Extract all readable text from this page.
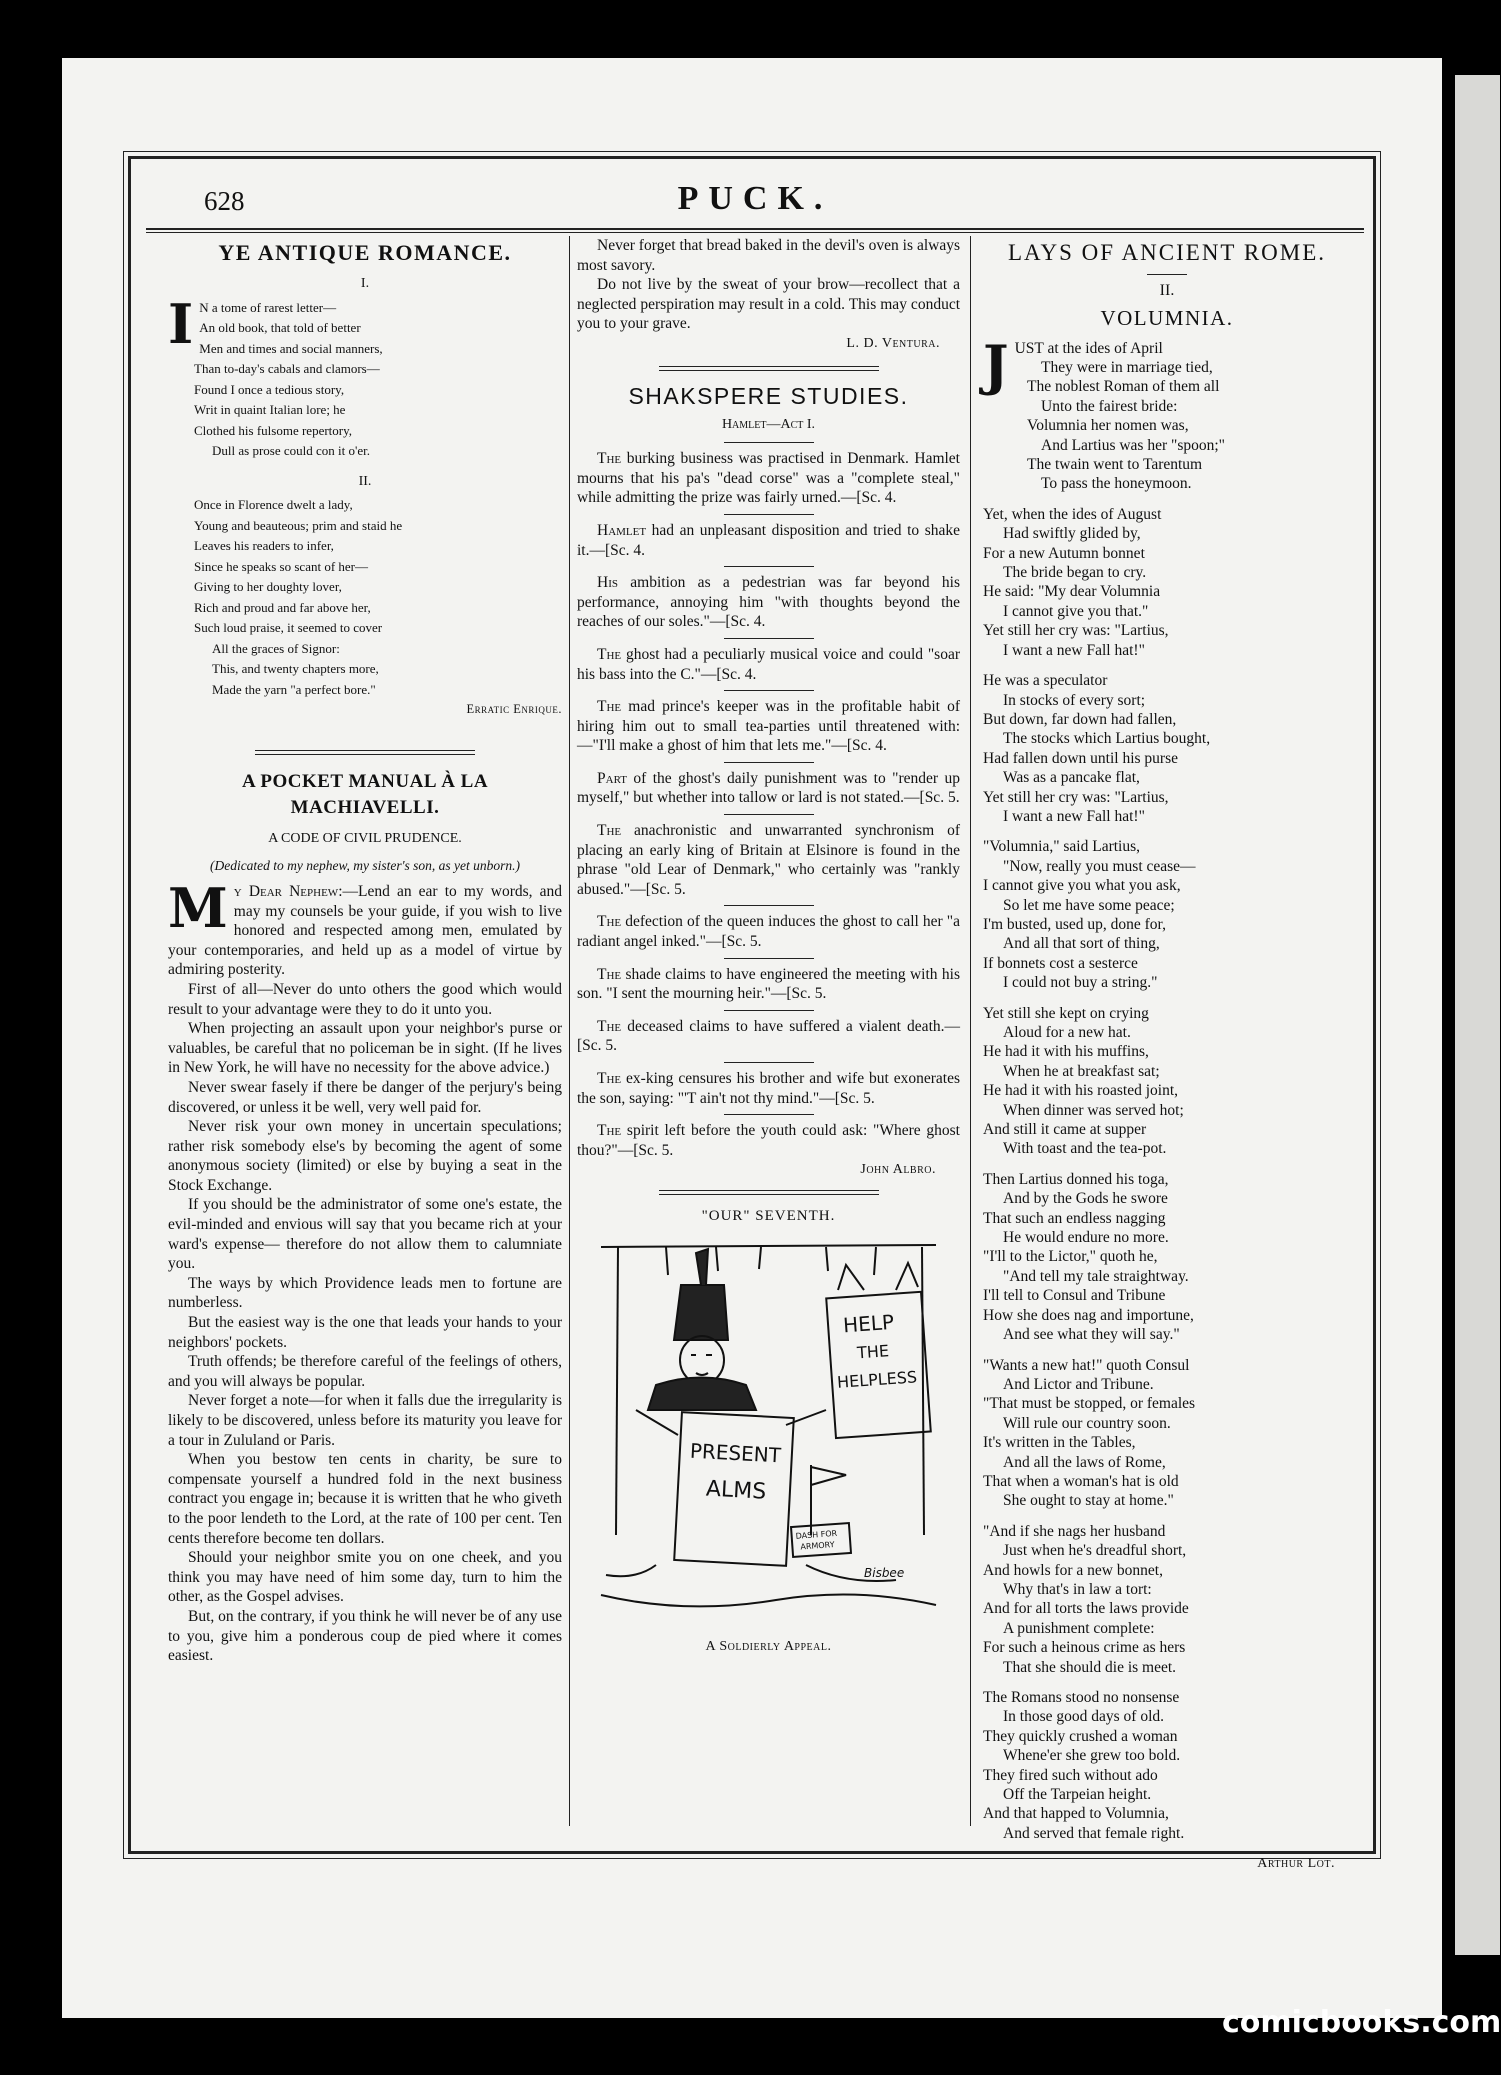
628	PUCK.
YE ANTIQUE ROMANCE.
I.
I N a tome of rarest letter—
An old book, that told of better
Men and times and social manners,
Than to-day's cabals and clamors—
Found I once a tedious story,
Writ in quaint Italian lore; he
Clothed his fulsome repertory,
Dull as prose could con it o'er.
II.
Once in Florence dwelt a lady,
Young and beauteous; prim and staid he
Leaves his readers to infer,
Since he speaks so scant of her—
Giving to her doughty lover,
Rich and proud and far above her,
Such loud praise, it seemed to cover
All the graces of Signor:
This, and twenty chapters more,
Made the yarn "a perfect bore."
Erratic Enrique.
A POCKET MANUAL À LA MACHIAVELLI.
A CODE OF CIVIL PRUDENCE.
(Dedicated to my nephew, my sister's son, as yet unborn.)

My Dear Nephew:—Lend an ear to my words, and may my counsels be your guide, if you wish to live honored and respected among men, emulated by your contemporaries, and held up as a model of virtue by admiring posterity.

First of all—Never do unto others the good which would result to your advantage were they to do it unto you.

When projecting an assault upon your neighbor's purse or valuables, be careful that no policeman be in sight. (If he lives in New York, he will have no necessity for the above advice.)

Never swear fasely if there be danger of the perjury's being discovered, or unless it be well, very well paid for.

Never risk your own money in uncertain speculations; rather risk somebody else's by becoming the agent of some anonymous society (limited) or else by buying a seat in the Stock Exchange.

If you should be the administrator of some one's estate, the evil-minded and envious will say that you became rich at your ward's expense— therefore do not allow them to calumniate you.

The ways by which Providence leads men to fortune are numberless.

But the easiest way is the one that leads your hands to your neighbors' pockets.

Truth offends; be therefore careful of the feelings of others, and you will always be popular.

Never forget a note—for when it falls due the irregularity is likely to be discovered, unless before its maturity you leave for a tour in Zululand or Paris.

When you bestow ten cents in charity, be sure to compensate yourself a hundred fold in the next business contract you engage in; because it is written that he who giveth to the poor lendeth to the Lord, at the rate of 100 per cent. Ten cents therefore become ten dollars.

Should your neighbor smite you on one cheek, and you think you may have need of him some day, turn to him the other, as the Gospel advises.

But, on the contrary, if you think he will never be of any use to you, give him a ponderous coup de pied where it comes easiest.

Never forget that bread baked in the devil's oven is always most savory.

Do not live by the sweat of your brow—recollect that a neglected perspiration may result in a cold. This may conduct you to your grave.

L. D. Ventura.
SHAKSPERE STUDIES.
Hamlet—Act I.

The burking business was practised in Denmark. Hamlet mourns that his pa's "dead corse" was a "complete steal," while admitting the prize was fairly urned.—[Sc. 4.

Hamlet had an unpleasant disposition and tried to shake it.—[Sc. 4.

His ambition as a pedestrian was far beyond his performance, annoying him "with thoughts beyond the reaches of our soles."—[Sc. 4.

The ghost had a peculiarly musical voice and could "soar his bass into the C."—[Sc. 4.

The mad prince's keeper was in the profitable habit of hiring him out to small tea-parties until threatened with:—"I'll make a ghost of him that lets me."—[Sc. 4.

Part of the ghost's daily punishment was to "render up myself," but whether into tallow or lard is not stated.—[Sc. 5.

The anachronistic and unwarranted synchronism of placing an early king of Britain at Elsinore is found in the phrase "old Lear of Denmark," who certainly was "rankly abused."—[Sc. 5.

The defection of the queen induces the ghost to call her "a radiant angel inked."—[Sc. 5.

The shade claims to have engineered the meeting with his son. "I sent the mourning heir."—[Sc. 5.

The deceased claims to have suffered a vialent death.—[Sc. 5.

The ex-king censures his brother and wife but exonerates the son, saying: "'T ain't not thy mind."—[Sc. 5.

The spirit left before the youth could ask: "Where ghost thou?"—[Sc. 5.

John Albro.
"OUR" SEVENTH.
HELP
THE
HELPLESS
PRESENT
ALMS
DASH FOR
ARMORY
Bisbee
A Soldierly Appeal.
LAYS OF ANCIENT ROME.
II.
VOLUMNIA.
J UST at the ides of April
They were in marriage tied,
The noblest Roman of them all
Unto the fairest bride:
Volumnia her nomen was,
And Lartius was her "spoon;"
The twain went to Tarentum
To pass the honeymoon.
Yet, when the ides of August
Had swiftly glided by,
For a new Autumn bonnet
The bride began to cry.
He said: "My dear Volumnia
I cannot give you that."
Yet still her cry was: "Lartius,
I want a new Fall hat!"
He was a speculator
In stocks of every sort;
But down, far down had fallen,
The stocks which Lartius bought,
Had fallen down until his purse
Was as a pancake flat,
Yet still her cry was: "Lartius,
I want a new Fall hat!"
"Volumnia," said Lartius,
"Now, really you must cease—
I cannot give you what you ask,
So let me have some peace;
I'm busted, used up, done for,
And all that sort of thing,
If bonnets cost a sesterce
I could not buy a string."
Yet still she kept on crying
Aloud for a new hat.
He had it with his muffins,
When he at breakfast sat;
He had it with his roasted joint,
When dinner was served hot;
And still it came at supper
With toast and the tea-pot.
Then Lartius donned his toga,
And by the Gods he swore
That such an endless nagging
He would endure no more.
"I'll to the Lictor," quoth he,
"And tell my tale straightway.
I'll tell to Consul and Tribune
How she does nag and importune,
And see what they will say."
"Wants a new hat!" quoth Consul
And Lictor and Tribune.
"That must be stopped, or females
Will rule our country soon.
It's written in the Tables,
And all the laws of Rome,
That when a woman's hat is old
She ought to stay at home."
"And if she nags her husband
Just when he's dreadful short,
And howls for a new bonnet,
Why that's in law a tort:
And for all torts the laws provide
A punishment complete:
For such a heinous crime as hers
That she should die is meet.
The Romans stood no nonsense
In those good days of old.
They quickly crushed a woman
Whene'er she grew too bold.
They fired such without ado
Off the Tarpeian height.
And that happed to Volumnia,
And served that female right.
Arthur Lot.
comicbooks.com
